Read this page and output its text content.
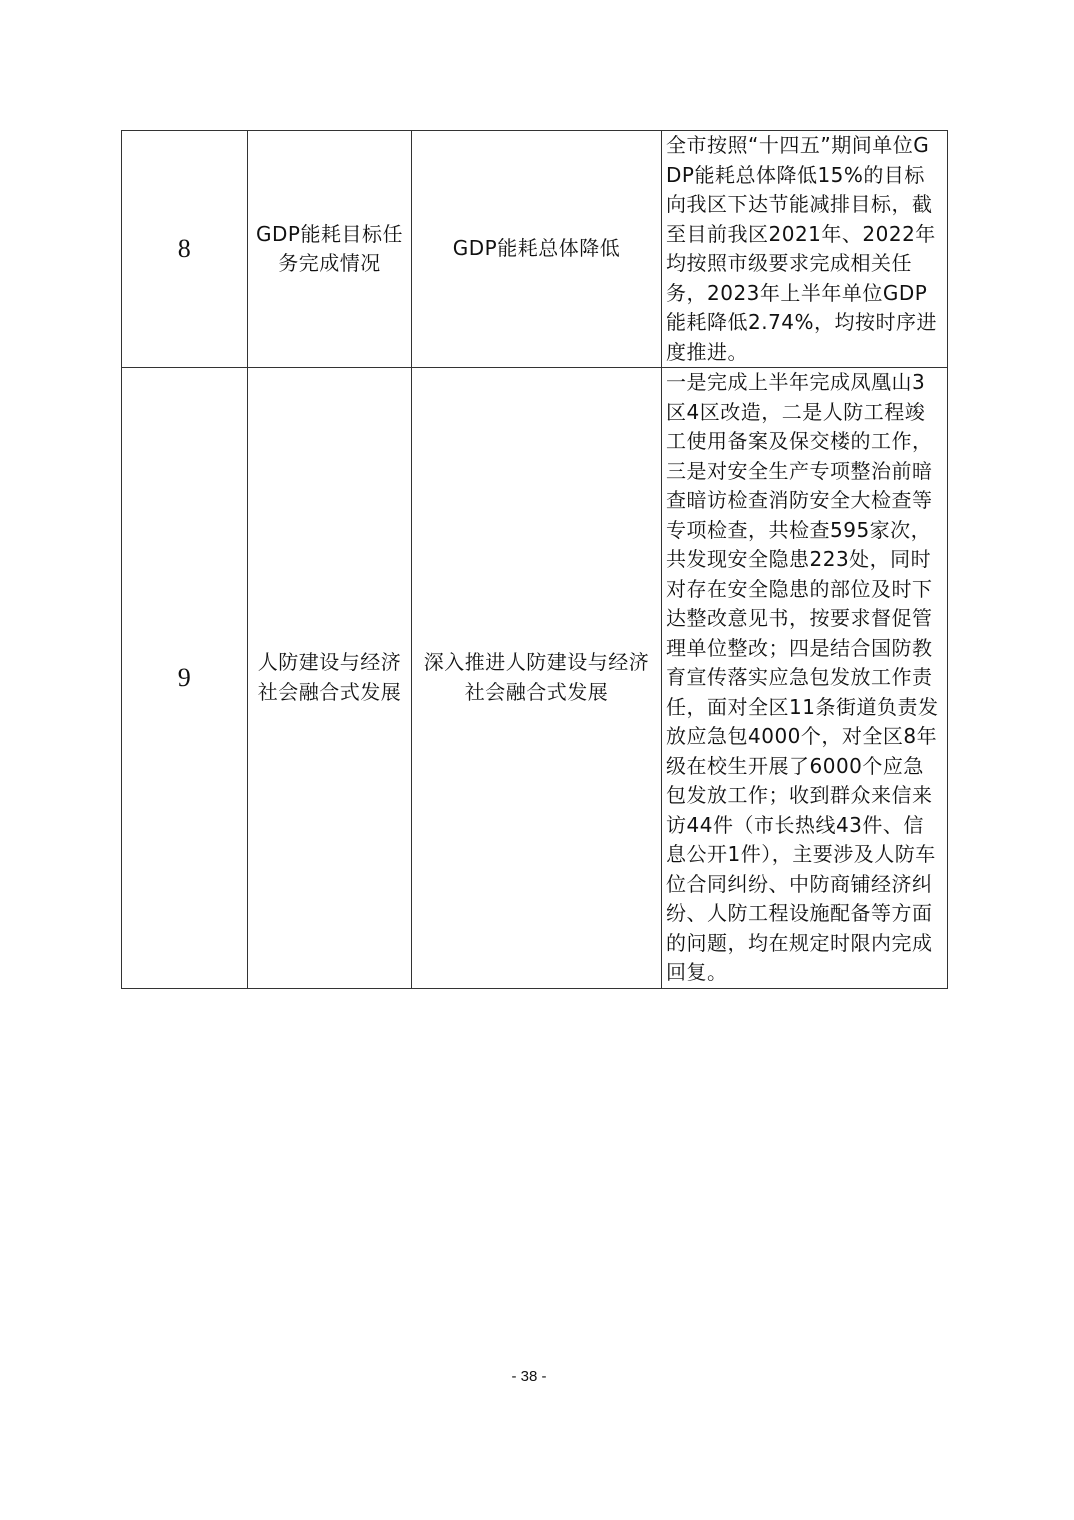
8	GDP能耗目标任务完成情况	GDP能耗总体降低	全市按照“十四五”期间单位GDP能耗总体降低15%的目标向我区下达节能减排目标，截至目前我区2021年、2022年均按照市级要求完成相关任务，2023年上半年单位GDP能耗降低2.74%，均按时序进度推进。
9	人防建设与经济社会融合式发展	深入推进人防建设与经济社会融合式发展	一是完成上半年完成凤凰山3区4区改造，二是人防工程竣工使用备案及保交楼的工作，三是对安全生产专项整治前暗查暗访检查消防安全大检查等专项检查，共检查595家次，共发现安全隐患223处，同时对存在安全隐患的部位及时下达整改意见书，按要求督促管理单位整改；四是结合国防教育宣传落实应急包发放工作责任，面对全区11条街道负责发放应急包4000个，对全区8年级在校生开展了6000个应急包发放工作；收到群众来信来访44件（市长热线43件、信息公开1件），主要涉及人防车位合同纠纷、中防商铺经济纠纷、人防工程设施配备等方面的问题，均在规定时限内完成回复。
- 38 -
